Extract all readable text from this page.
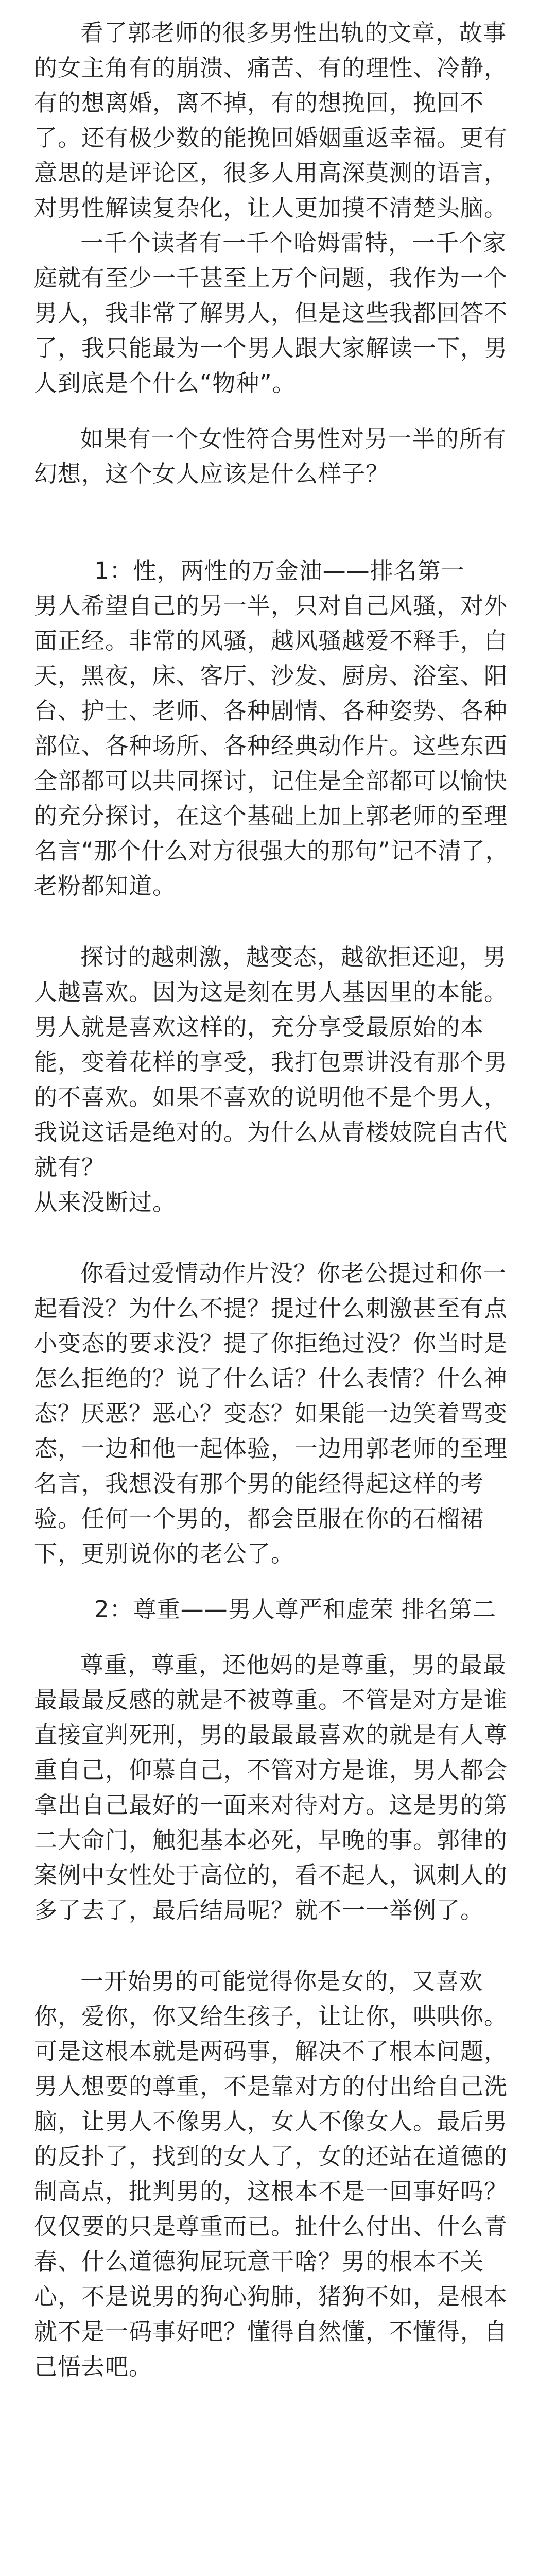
看了郭老师的很多男性出轨的文章，故事的女主角有的崩溃、痛苦、有的理性、冷静，有的想离婚，离不掉，有的想挽回，挽回不了。还有极少数的能挽回婚姻重返幸福。更有意思的是评论区，很多人用高深莫测的语言，对男性解读复杂化，让人更加摸不清楚头脑。

一千个读者有一千个哈姆雷特，一千个家庭就有至少一千甚至上万个问题，我作为一个男人，我非常了解男人，但是这些我都回答不了，我只能最为一个男人跟大家解读一下，男人到底是个什么“物种”。

如果有一个女性符合男性对另一半的所有幻想，这个女人应该是什么样子？

1：性，两性的万金油——排名第一

男人希望自己的另一半，只对自己风骚，对外面正经。非常的风骚，越风骚越爱不释手，白天，黑夜，床、客厅、沙发、厨房、浴室、阳台、护士、老师、各种剧情、各种姿势、各种部位、各种场所、各种经典动作片。这些东西全部都可以共同探讨，记住是全部都可以愉快的充分探讨，在这个基础上加上郭老师的至理名言“那个什么对方很强大的那句”记不清了，老粉都知道。

探讨的越刺激，越变态，越欲拒还迎，男人越喜欢。因为这是刻在男人基因里的本能。男人就是喜欢这样的，充分享受最原始的本能，变着花样的享受，我打包票讲没有那个男的不喜欢。如果不喜欢的说明他不是个男人，我说这话是绝对的。为什么从青楼妓院自古代就有？

从来没断过。

你看过爱情动作片没？你老公提过和你一起看没？为什么不提？提过什么刺激甚至有点小变态的要求没？提了你拒绝过没？你当时是怎么拒绝的？说了什么话？什么表情？什么神态？厌恶？恶心？变态？如果能一边笑着骂变态，一边和他一起体验，一边用郭老师的至理名言，我想没有那个男的能经得起这样的考验。任何一个男的，都会臣服在你的石榴裙下，更别说你的老公了。

2：尊重——男人尊严和虚荣 排名第二

尊重，尊重，还他妈的是尊重，男的最最最最最反感的就是不被尊重。不管是对方是谁直接宣判死刑，男的最最最喜欢的就是有人尊重自己，仰慕自己，不管对方是谁，男人都会拿出自己最好的一面来对待对方。这是男的第二大命门，触犯基本必死，早晚的事。郭律的案例中女性处于高位的，看不起人，讽刺人的多了去了，最后结局呢？就不一一举例了。

一开始男的可能觉得你是女的，又喜欢你，爱你，你又给生孩子，让让你，哄哄你。可是这根本就是两码事，解决不了根本问题，男人想要的尊重，不是靠对方的付出给自己洗脑，让男人不像男人，女人不像女人。最后男的反扑了，找到的女人了，女的还站在道德的制高点，批判男的，这根本不是一回事好吗？仅仅要的只是尊重而已。扯什么付出、什么青春、什么道德狗屁玩意干啥？男的根本不关心，不是说男的狗心狗肺，猪狗不如，是根本就不是一码事好吧？懂得自然懂，不懂得，自己悟去吧。
